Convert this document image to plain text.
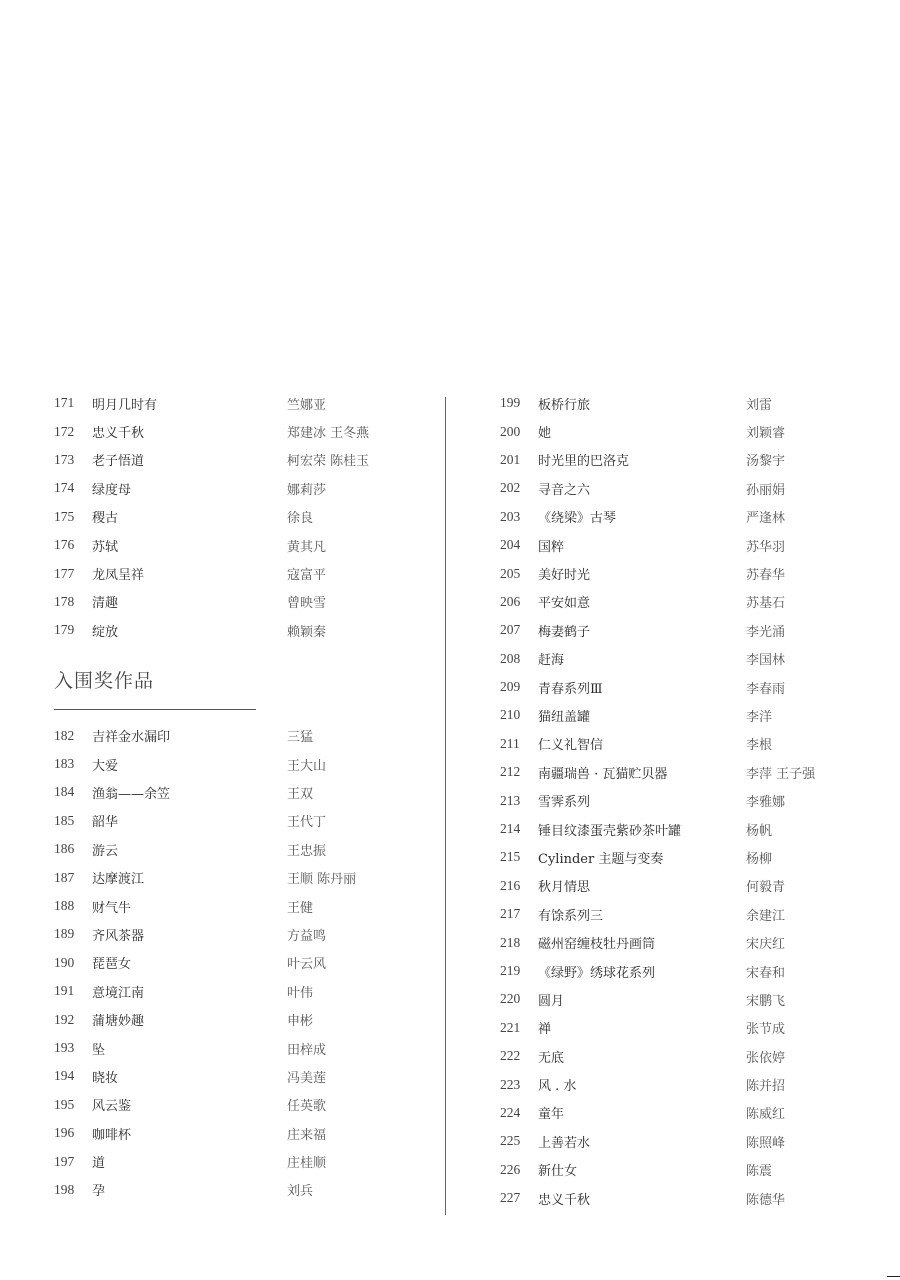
171	明月几时有	竺娜亚
172	忠义千秋	郑建冰 王冬燕
173	老子悟道	柯宏荣 陈桂玉
174	绿度母	娜莉莎
175	稷古	徐良
176	苏轼	黄其凡
177	龙凤呈祥	寇富平
178	清趣	曾映雪
179	绽放	赖颖秦
入围奖作品
182	吉祥金水漏印	三猛
183	大爱	王大山
184	渔翁——余笠	王双
185	韶华	王代丁
186	游云	王忠振
187	达摩渡江	王顺 陈丹丽
188	财气牛	王健
189	齐风茶器	方益鸣
190	琵琶女	叶云风
191	意境江南	叶伟
192	蒲塘妙趣	申彬
193	坠	田梓成
194	晓妆	冯美莲
195	风云鉴	任英歌
196	咖啡杯	庄来福
197	道	庄桂顺
198	孕	刘兵
199	板桥行旅	刘雷
200	她	刘颖睿
201	时光里的巴洛克	汤黎宇
202	寻音之六	孙丽娟
203	《绕梁》古琴	严逢林
204	国粹	苏华羽
205	美好时光	苏春华
206	平安如意	苏基石
207	梅妻鹤子	李光涌
208	赶海	李国林
209	青春系列Ⅲ	李春雨
210	猫纽盖罐	李洋
211	仁义礼智信	李根
212	南疆瑞兽 · 瓦猫贮贝器	李萍 王子强
213	雪霁系列	李雅娜
214	锤目纹漆蛋壳紫砂茶叶罐	杨帆
215	Cylinder 主题与变奏	杨柳
216	秋月情思	何毅青
217	有馀系列三	余建江
218	磁州窑缠枝牡丹画筒	宋庆红
219	《绿野》绣球花系列	宋春和
220	圆月	宋鹏飞
221	禅	张节成
222	无底	张依婷
223	风 . 水	陈并招
224	童年	陈威红
225	上善若水	陈照峰
226	新仕女	陈震
227	忠义千秋	陈德华
